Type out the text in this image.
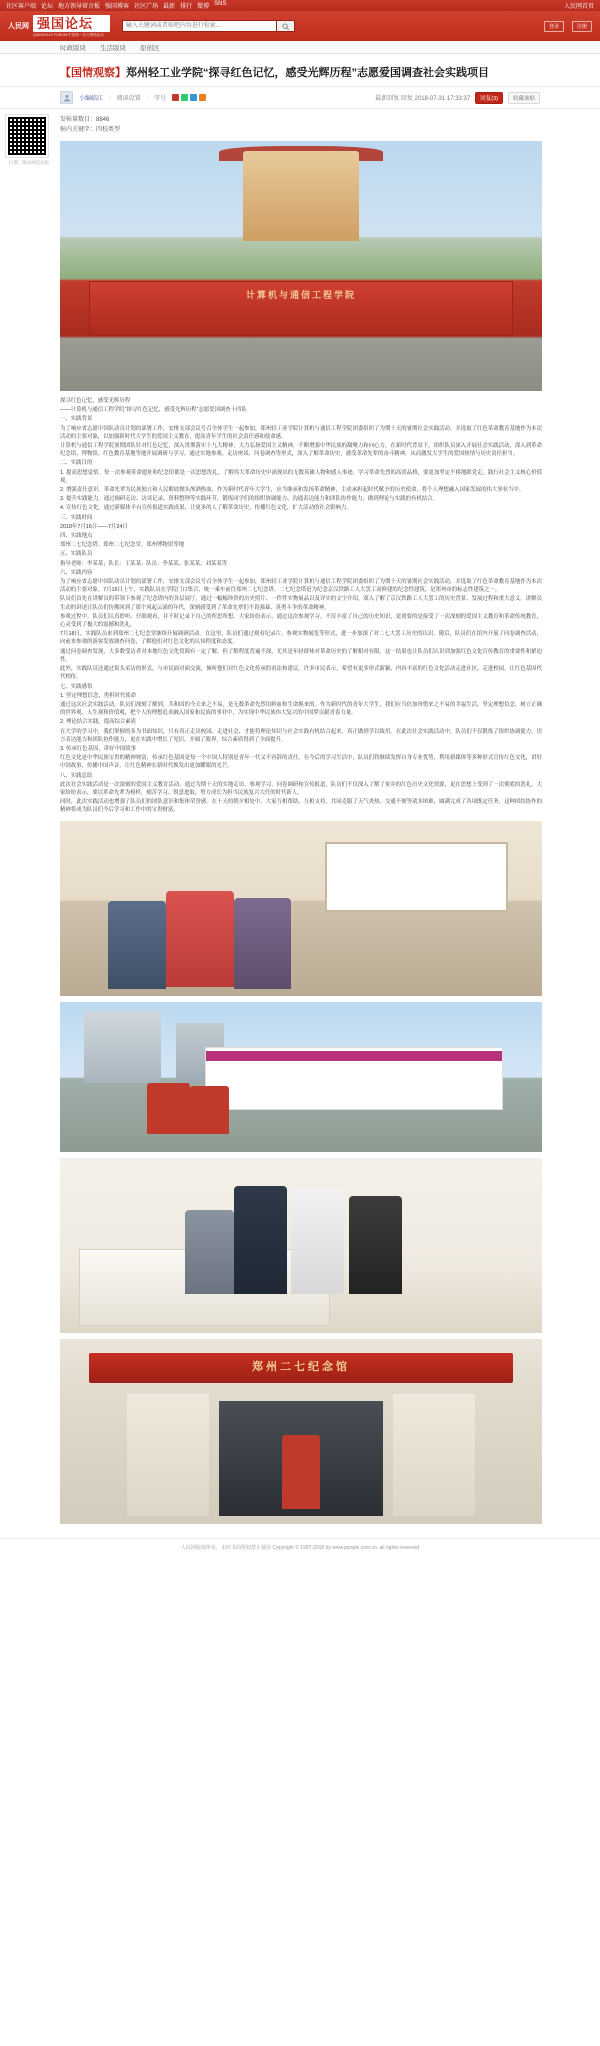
社区客户端 论坛 地方领导留言板 强国博客 社区广场 最新 排行 微博 SNS	人民网首页
人民网 强国论坛
QIANGGUO FORUM 中国第一官方网络论坛
输入关键词或者贴吧内容进行检索...
登录	注册
时政版块 生活版块 原创区
【国情观察】郑州轻工业学院“探寻红色记忆，感受光辉历程”志愿爱国调查社会实践项目
小编临江 | 阅读设置 | 字号	最新回复 回复 2018-07-31 17:33:37	回复(3)	收藏该贴
扫描二维码浏览此帖
发帖量数目：8846
帖内关键字：四校类型
计算机与通信工程学院

探寻红色记忆，感受光辉历程

——计算机与通信工程学院“探寻红色记忆，感受光辉历程”志愿爱国调查十四队

一、实践背景

为了响应省志愿中国队动员计划的部署工作，安排支部会议号召全体学生一起参加，郑州轻工业学院计算机与通信工程学院团委组织了为期十天的暑期社会实践活动，并选取了红色革命教育基地作为本次活动的主要对象，以加强新时代大学生的爱国主义教育，提高青年学生的社会责任感和使命感。

计算机与通信工程学院暑期团队针对红色记忆，深入贯彻落实十九大精神，大力弘扬爱国主义精神，不断增强中华民族的凝聚力和向心力，在新时代背景下，组织队员深入开展社会实践活动，深入到革命纪念馆、博物馆、红色教育基地等地开展调研与学习，通过实地参观、走访座谈、问卷调查等形式，深入了解革命历史，感受革命先辈的奋斗精神，从而激发大学生的爱国热情与历史责任担当。

二、实践目的

1. 提高思想觉悟。每一次参观革命遗址和纪念馆都是一次思想洗礼，了解伟大革命历史中涌现出的无数英雄人物和感人事迹，学习革命先烈的高尚品格，要更加坚定不移地跟党走，践行社会主义核心价值观。

2. 增强责任意识。革命先辈为民族独立和人民解放抛头颅洒热血，作为新时代青年大学生，应当继承和发扬革命精神，主动承担起时代赋予的历史使命，将个人理想融入国家发展的伟大事业当中。

3. 提升实践能力。通过调研走访、访谈记录、资料整理等实践环节，锻炼同学们的组织协调能力、沟通表达能力和团队协作能力，做到理论与实践的有机结合。

4. 宣传红色文化。通过新媒体平台宣传报道实践成果，让更多的人了解革命历史、传播红色文化，扩大活动的社会影响力。

三、实践时间

2018年7月16日——7月24日

四、实践地点

郑州二七纪念塔、郑州二七纪念堂、郑州博物馆等地

五、实践队员

指导老师：李某某；队长：王某某；队员：李某某、张某某、刘某某等

六、实践内容

为了响应省志愿中国队动员计划的部署工作，安排支部会议号召全体学生一起参加，郑州轻工业学院计算机与通信工程学院团委组织了为期十天的暑期社会实践活动，并选取了红色革命教育基地作为本次活动的主要对象。7月16日上午，实践队员在学院门口集合，统一乘车前往郑州二七纪念塔。二七纪念塔是为纪念京汉铁路工人大罢工而修建的纪念性建筑，是郑州市的标志性建筑之一。

队员们首先在讲解员的带领下参观了纪念塔内的各层展厅，通过一幅幅珍贵的历史照片、一件件实物展品以及详实的文字介绍，深入了解了京汉铁路工人大罢工的历史背景、发展过程和重大意义。讲解员生动的讲述让队员们仿佛回到了那个风起云涌的年代，深刻感受到了革命先辈们不畏强暴、英勇斗争的革命精神。

参观过程中，队员们认真聆听、仔细观看，并不时记录下自己的所思所想。大家纷纷表示，通过这次参观学习，不仅丰富了自己的历史知识，更重要的是接受了一次深刻的爱国主义教育和革命传统教育，心灵受到了极大的震撼和洗礼。

7月18日，实践队员来到郑州二七纪念堂继续开展调研活动。在这里，队员们通过观看纪录片、参观实物展览等形式，进一步加深了对二七大罢工历史的认识。随后，队员们在馆内开展了问卷调查活动，向前来参观的游客发放调查问卷，了解他们对红色文化的认知程度和态度。

通过问卷调查发现，大多数受访者对本地红色文化资源有一定了解，但了解程度普遍不深，尤其是年轻群体对革命历史的了解相对有限。这一结果也让队员们认识到加强红色文化宣传教育的重要性和紧迫性。

此外，实践队员还通过街头采访的形式，与市民面对面交流，倾听他们对红色文化传承的看法和建议。许多市民表示，希望有更多形式新颖、内容丰富的红色文化活动走进社区、走进校园，让红色基因代代相传。

七、实践感悟

1. 坚定理想信念，勇担时代使命

通过这次社会实践活动，队员们深刻了解到，共和国的今天来之不易，是无数革命先烈用鲜血和生命换来的。作为新时代的青年大学生，我们应当倍加珍惜来之不易的幸福生活，坚定理想信念，树立正确的世界观、人生观和价值观，把个人的理想追求融入国家和民族的事业中，为实现中华民族伟大复兴的中国梦贡献青春力量。

2. 理论结合实践，提高综合素质

在大学的学习中，我们掌握的多为书面知识，只有真正走出校园、走进社会，才能将理论知识与社会实践有机结合起来，真正做到学以致用。在此次社会实践活动中，队员们不仅锻炼了组织协调能力、语言表达能力和团队协作能力，更在实践中增长了见识、开阔了眼界，综合素质得到了全面提升。

3. 传承红色基因，讲好中国故事

红色文化是中华民族宝贵的精神财富，传承红色基因是每一个中国人特别是青年一代义不容辞的责任。在今后的学习生活中，队员们将继续发挥自身专业优势，利用新媒体等多种形式宣传红色文化，讲好中国故事，传播中国声音，让红色精神在新时代焕发出更加耀眼的光芒。

八、实践总结

此次社会实践活动是一次深刻的爱国主义教育活动。通过为期十天的实地走访、参观学习、问卷调研和宣传报道，队员们不仅深入了解了家乡的红色历史文化资源，更在思想上受到了一次彻底的洗礼。大家纷纷表示，要以革命先辈为榜样，刻苦学习、锐意进取，努力成长为担当民族复兴大任的时代新人。

同时，此次实践活动也增强了队员们的团队意识和集体荣誉感。在十天的朝夕相处中，大家互相帮助、互相支持，共同克服了天气炎热、交通不便等诸多困难，圆满完成了各项既定任务。这种团结协作的精神将成为队员们今后学习和工作中的宝贵财富。

郑州二七纪念馆
人民网版权所有，未经书面授权禁止使用 Copyright © 1997-2018 by www.people.com.cn. all rights reserved
